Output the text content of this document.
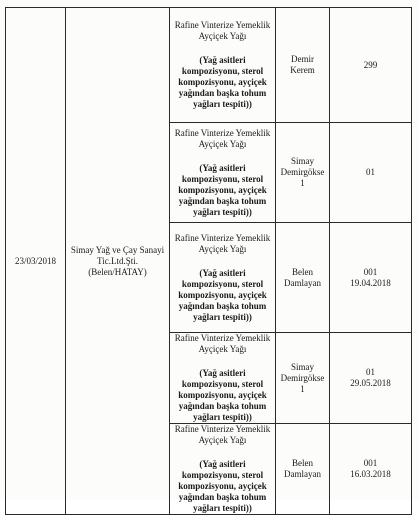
23/03/2018	Simay Yağ ve Çay Sanayi Tic.Ltd.Şti.(Belen/HATAY)	Rafine Vinterize Yemeklik Ayçiçek Yağı
(Yağ asitleri kompozisyonu, sterol kompozisyonu, ayçiçek yağından başka tohum yağları tespiti))	Demir Kerem	299

		Rafine Vinterize Yemeklik Ayçiçek Yağı
(Yağ asitleri kompozisyonu, sterol kompozisyonu, ayçiçek yağından başka tohum yağları tespiti))	Simay Demirgökse 1	01

		Rafine Vinterize Yemeklik Ayçiçek Yağı
(Yağ asitleri kompozisyonu, sterol kompozisyonu, ayçiçek yağından başka tohum yağları tespiti))	Belen Damlayan	001
19.04.2018

		Rafine Vinterize Yemeklik Ayçiçek Yağı
(Yağ asitleri kompozisyonu, sterol kompozisyonu, ayçiçek yağından başka tohum yağları tespiti))	Simay Demirgökse 1	01
29.05.2018

		Rafine Vinterize Yemeklik Ayçiçek Yağı
(Yağ asitleri kompozisyonu, sterol kompozisyonu, ayçiçek yağından başka tohum yağları tespiti))	Belen Damlayan	001
16.03.2018
